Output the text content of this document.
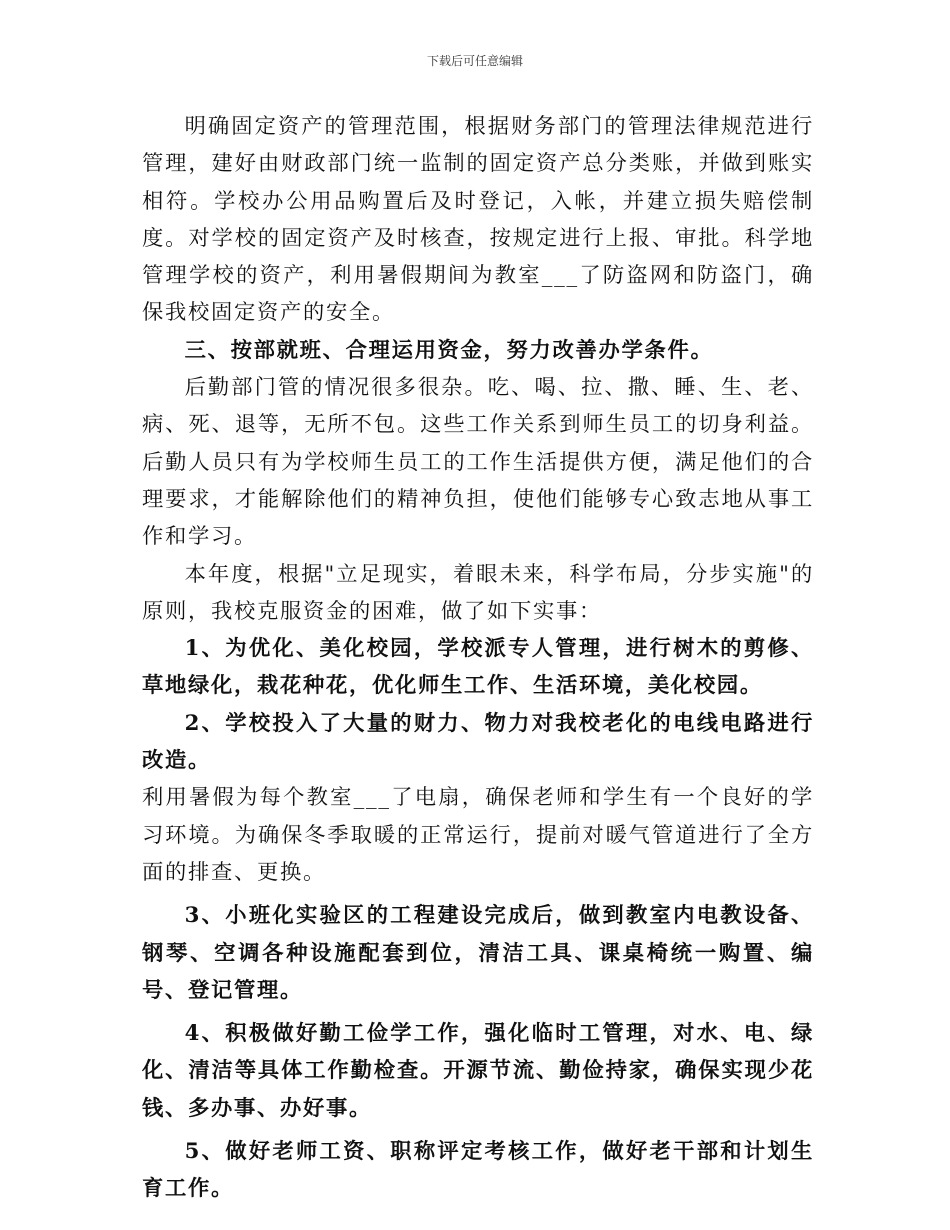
下载后可任意编辑

明确固定资产的管理范围，根据财务部门的管理法律规范进行管理，建好由财政部门统一监制的固定资产总分类账，并做到账实相符。学校办公用品购置后及时登记，入帐，并建立损失赔偿制度。对学校的固定资产及时核查，按规定进行上报、审批。科学地管理学校的资产，利用暑假期间为教室___了防盗网和防盗门，确保我校固定资产的安全。

三、按部就班、合理运用资金，努力改善办学条件。

后勤部门管的情况很多很杂。吃、喝、拉、撒、睡、生、老、病、死、退等，无所不包。这些工作关系到师生员工的切身利益。后勤人员只有为学校师生员工的工作生活提供方便，满足他们的合理要求，才能解除他们的精神负担，使他们能够专心致志地从事工作和学习。

本年度，根据"立足现实，着眼未来，科学布局，分步实施"的原则，我校克服资金的困难，做了如下实事：

1、为优化、美化校园，学校派专人管理，进行树木的剪修、草地绿化，栽花种花，优化师生工作、生活环境，美化校园。

2、学校投入了大量的财力、物力对我校老化的电线电路进行改造。

利用暑假为每个教室___了电扇，确保老师和学生有一个良好的学习环境。为确保冬季取暖的正常运行，提前对暖气管道进行了全方面的排查、更换。

3、小班化实验区的工程建设完成后，做到教室内电教设备、钢琴、空调各种设施配套到位，清洁工具、课桌椅统一购置、编号、登记管理。

4、积极做好勤工俭学工作，强化临时工管理，对水、电、绿化、清洁等具体工作勤检查。开源节流、勤俭持家，确保实现少花钱、多办事、办好事。

5、做好老师工资、职称评定考核工作，做好老干部和计划生育工作。
